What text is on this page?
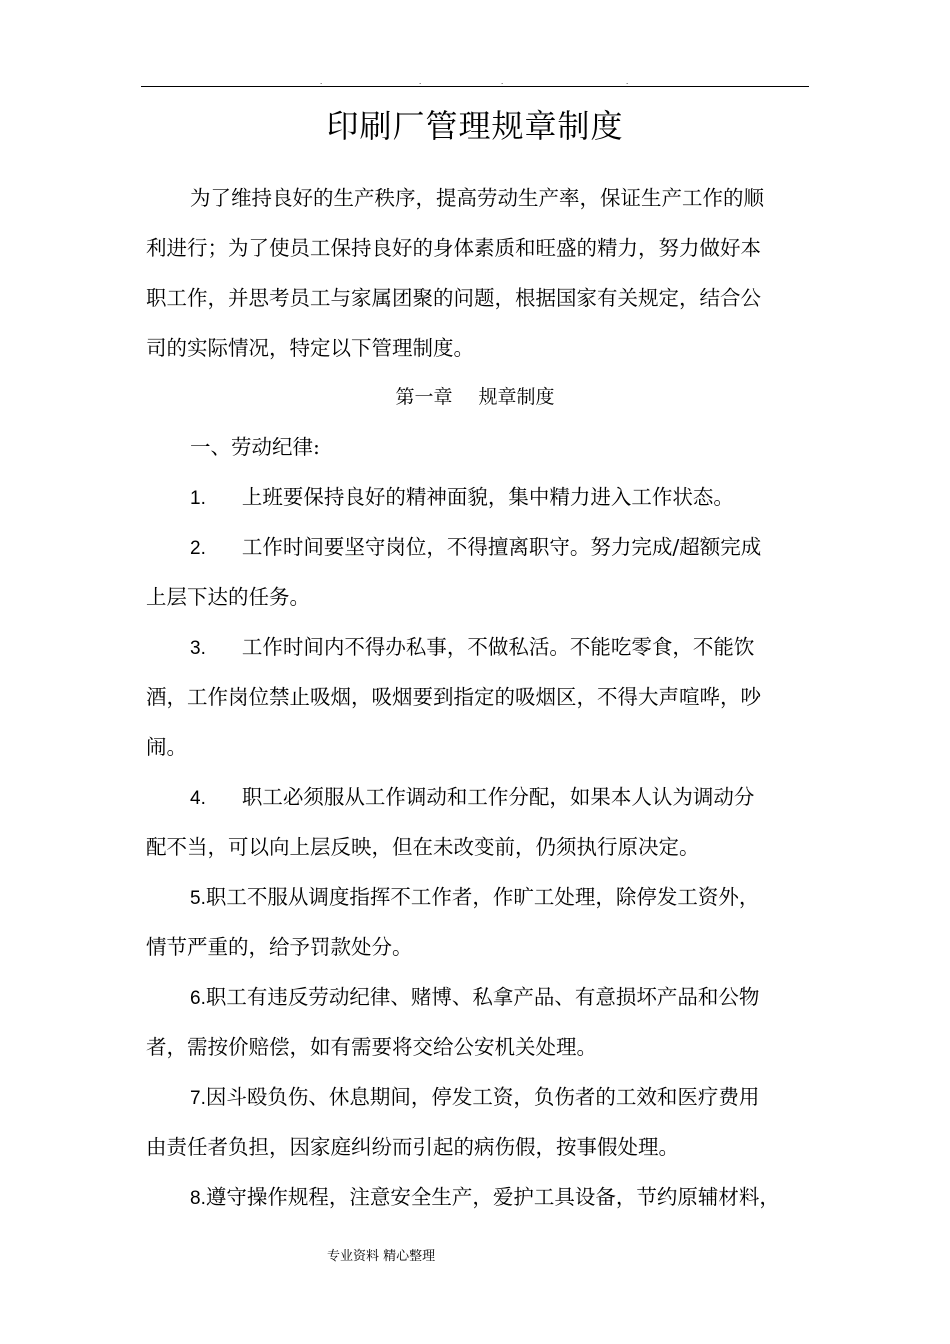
.	.	.	.
印刷厂管理规章制度
为了维持良好的生产秩序，提高劳动生产率，保证生产工作的顺
利进行；为了使员工保持良好的身体素质和旺盛的精力，努力做好本
职工作，并思考员工与家属团聚的问题，根据国家有关规定，结合公
司的实际情况，特定以下管理制度。
第一章 规章制度
一、劳动纪律:
1. 上班要保持良好的精神面貌，集中精力进入工作状态。
2. 工作时间要坚守岗位，不得擅离职守。努力完成/超额完成
上层下达的任务。
3. 工作时间内不得办私事，不做私活。不能吃零食，不能饮
酒，工作岗位禁止吸烟，吸烟要到指定的吸烟区，不得大声喧哗，吵
闹。
4. 职工必须服从工作调动和工作分配，如果本人认为调动分
配不当，可以向上层反映，但在未改变前，仍须执行原决定。
5.职工不服从调度指挥不工作者，作旷工处理，除停发工资外，
情节严重的，给予罚款处分。
6.职工有违反劳动纪律、赌博、私拿产品、有意损坏产品和公物
者，需按价赔偿，如有需要将交给公安机关处理。
7.因斗殴负伤、休息期间，停发工资，负伤者的工效和医疗费用
由责任者负担，因家庭纠纷而引起的病伤假，按事假处理。
8.遵守操作规程，注意安全生产，爱护工具设备，节约原辅材料，
专业资料 精心整理
